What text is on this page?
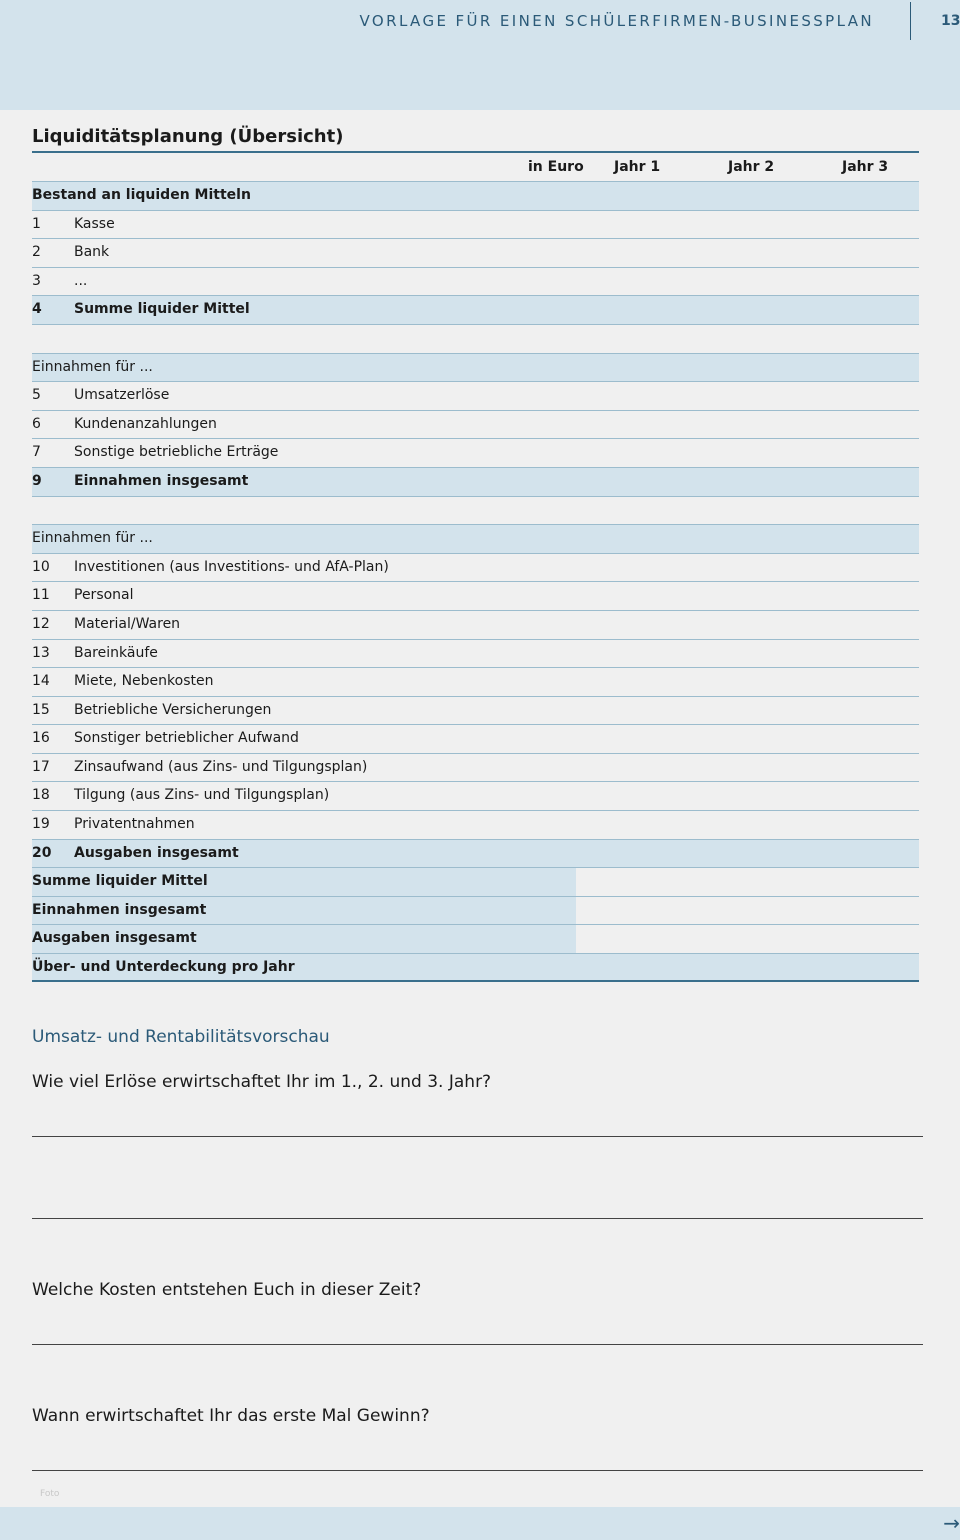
VORLAGE FÜR EINEN SCHÜLERFIRMEN-BUSINESSPLAN	13
Liquiditätsplanung (Übersicht)
in Euro Jahr 1	Jahr 2	Jahr 3
Bestand an liquiden Mitteln
1 Kasse
2 Bank
3 ...
4 Summe liquider Mittel
Einnahmen für ...
5 Umsatzerlöse
6 Kundenanzahlungen
7 Sonstige betriebliche Erträge
9 Einnahmen insgesamt
Einnahmen für ...
10 Investitionen (aus Investitions- und AfA-Plan)
11 Personal
12 Material/Waren
13 Bareinkäufe
14 Miete, Nebenkosten
15 Betriebliche Versicherungen
16 Sonstiger betrieblicher Aufwand
17 Zinsaufwand (aus Zins- und Tilgungsplan)
18 Tilgung (aus Zins- und Tilgungsplan)
19 Privatentnahmen
20 Ausgaben insgesamt
Summe liquider Mittel
Einnahmen insgesamt
Ausgaben insgesamt
Über- und Unterdeckung pro Jahr
Umsatz- und Rentabilitätsvorschau
Wie viel Erlöse erwirtschaftet Ihr im 1., 2. und 3. Jahr?
Welche Kosten entstehen Euch in dieser Zeit?
Wann erwirtschaftet Ihr das erste Mal Gewinn?
Foto
→
